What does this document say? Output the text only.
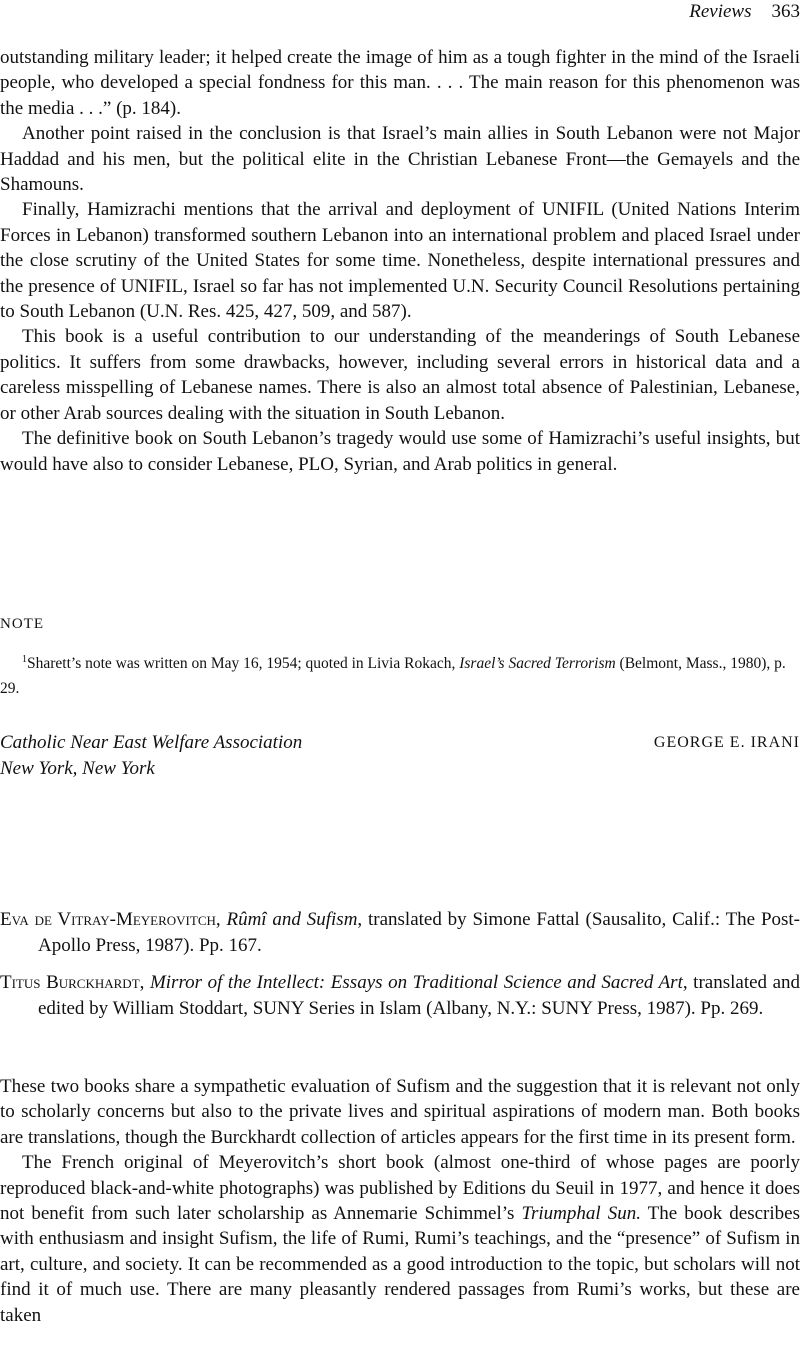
Reviews 363

outstanding military leader; it helped create the image of him as a tough fighter in the mind of the Israeli people, who developed a special fondness for this man. . . . The main reason for this phenomenon was the media . . .” (p. 184).

Another point raised in the conclusion is that Israel’s main allies in South Lebanon were not Major Haddad and his men, but the political elite in the Christian Lebanese Front—the Gemayels and the Shamouns.

Finally, Hamizrachi mentions that the arrival and deployment of UNIFIL (United Nations Interim Forces in Lebanon) transformed southern Lebanon into an international problem and placed Israel under the close scrutiny of the United States for some time. Nonetheless, despite international pressures and the presence of UNIFIL, Israel so far has not implemented U.N. Security Council Resolutions pertaining to South Lebanon (U.N. Res. 425, 427, 509, and 587).

This book is a useful contribution to our understanding of the meanderings of South Lebanese politics. It suffers from some drawbacks, however, including several errors in historical data and a careless misspelling of Lebanese names. There is also an almost total absence of Palestinian, Lebanese, or other Arab sources dealing with the situation in South Lebanon.

The definitive book on South Lebanon’s tragedy would use some of Hamizrachi’s useful insights, but would have also to consider Lebanese, PLO, Syrian, and Arab politics in general.

NOTE

$^1$Sharett’s note was written on May 16, 1954; quoted in Livia Rokach, Israel’s Sacred Terrorism (Belmont, Mass., 1980), p. 29.

Catholic Near East Welfare Association
New York, New York
GEORGE E. IRANI

Eva de Vitray-Meyerovitch, Rûmî and Sufism, translated by Simone Fattal (Sausalito, Calif.: The Post-Apollo Press, 1987). Pp. 167.

Titus Burckhardt, Mirror of the Intellect: Essays on Traditional Science and Sacred Art, translated and edited by William Stoddart, SUNY Series in Islam (Albany, N.Y.: SUNY Press, 1987). Pp. 269.

These two books share a sympathetic evaluation of Sufism and the suggestion that it is relevant not only to scholarly concerns but also to the private lives and spiritual aspirations of modern man. Both books are translations, though the Burckhardt collection of articles appears for the first time in its present form.

The French original of Meyerovitch’s short book (almost one-third of whose pages are poorly reproduced black-and-white photographs) was published by Editions du Seuil in 1977, and hence it does not benefit from such later scholarship as Annemarie Schimmel’s Triumphal Sun. The book describes with enthusiasm and insight Sufism, the life of Rumi, Rumi’s teachings, and the “presence” of Sufism in art, culture, and society. It can be recommended as a good introduction to the topic, but scholars will not find it of much use. There are many pleasantly rendered passages from Rumi’s works, but these are taken
